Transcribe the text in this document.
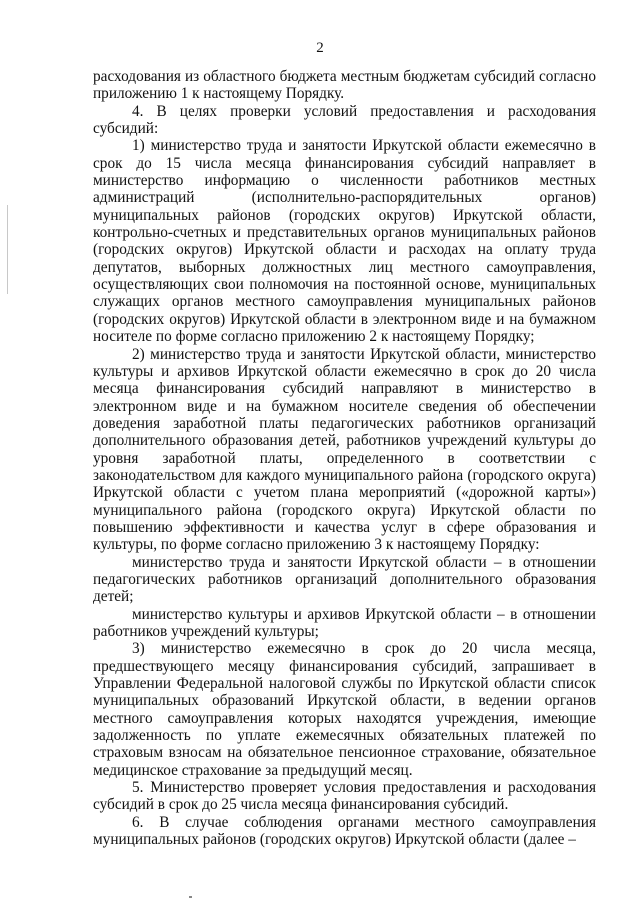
2

расходования из областного бюджета местным бюджетам субсидий согласно приложению 1 к настоящему Порядку.

4. В целях проверки условий предоставления и расходования субсидий:

1) министерство труда и занятости Иркутской области ежемесячно в срок до 15 числа месяца финансирования субсидий направляет в министерство информацию о численности работников местных администраций (исполнительно-распорядительных органов) муниципальных районов (городских округов) Иркутской области, контрольно-счетных и представительных органов муниципальных районов (городских округов) Иркутской области и расходах на оплату труда депутатов, выборных должностных лиц местного самоуправления, осуществляющих свои полномочия на постоянной основе, муниципальных служащих органов местного самоуправления муниципальных районов (городских округов) Иркутской области в электронном виде и на бумажном носителе по форме согласно приложению 2 к настоящему Порядку;

2) министерство труда и занятости Иркутской области, министерство культуры и архивов Иркутской области ежемесячно в срок до 20 числа месяца финансирования субсидий направляют в министерство в электронном виде и на бумажном носителе сведения об обеспечении доведения заработной платы педагогических работников организаций дополнительного образования детей, работников учреждений культуры до уровня заработной платы, определенного в соответствии с законодательством для каждого муниципального района (городского округа) Иркутской области с учетом плана мероприятий («дорожной карты») муниципального района (городского округа) Иркутской области по повышению эффективности и качества услуг в сфере образования и культуры, по форме согласно приложению 3 к настоящему Порядку:

министерство труда и занятости Иркутской области – в отношении педагогических работников организаций дополнительного образования детей;

министерство культуры и архивов Иркутской области – в отношении работников учреждений культуры;

3) министерство ежемесячно в срок до 20 числа месяца, предшествующего месяцу финансирования субсидий, запрашивает в Управлении Федеральной налоговой службы по Иркутской области список муниципальных образований Иркутской области, в ведении органов местного самоуправления которых находятся учреждения, имеющие задолженность по уплате ежемесячных обязательных платежей по страховым взносам на обязательное пенсионное страхование, обязательное медицинское страхование за предыдущий месяц.

5. Министерство проверяет условия предоставления и расходования субсидий в срок до 25 числа месяца финансирования субсидий.

6. В случае соблюдения органами местного самоуправления муниципальных районов (городских округов) Иркутской области (далее –
